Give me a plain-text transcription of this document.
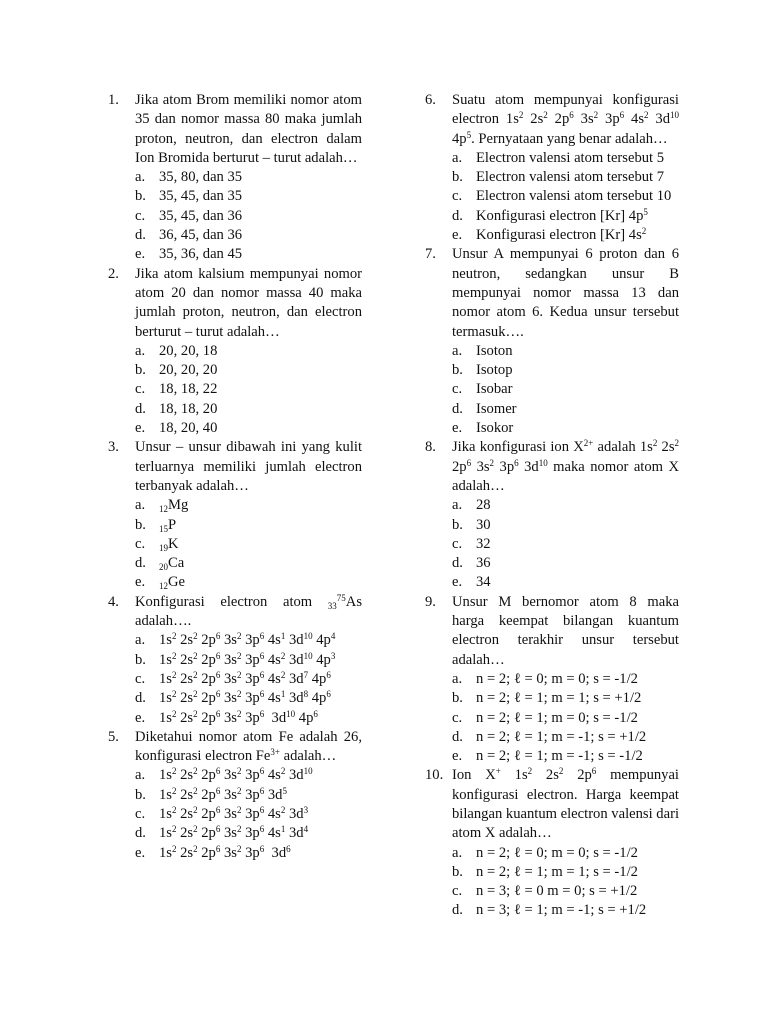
1.	Jika atom Brom memiliki nomor atom 35 dan nomor massa 80 maka jumlah proton, neutron, dan electron dalam Ion Bromida berturut – turut adalah…
a. 35, 80, dan 35
b. 35, 45, dan 35
c. 35, 45, dan 36
d. 36, 45, dan 36
e. 35, 36, dan 45
2.	Jika atom kalsium mempunyai nomor atom 20 dan nomor massa 40 maka jumlah proton, neutron, dan electron berturut – turut adalah…
a. 20, 20, 18
b. 20, 20, 20
c. 18, 18, 22
d. 18, 18, 20
e. 18, 20, 40
3.	Unsur – unsur dibawah ini yang kulit terluarnya memiliki jumlah electron terbanyak adalah…
a.	$_{12}$Mg
b.	$_{15}$P
c.	$_{19}$K
d.	$_{20}$Ca
e.	$_{12}$Ge
4.	Konfigurasi electron atom $_{33}^{75}$As adalah….
a. $1s^2$ $2s^2$ $2p^6$ $3s^2$ $3p^6$ $4s^1$ $3d^{10}$ $4p^4$
b. $1s^2$ $2s^2$ $2p^6$ $3s^2$ $3p^6$ $4s^2$ $3d^{10}$ $4p^3$
c. $1s^2$ $2s^2$ $2p^6$ $3s^2$ $3p^6$ $4s^2$ $3d^7$ $4p^6$
d. $1s^2$ $2s^2$ $2p^6$ $3s^2$ $3p^6$ $4s^1$ $3d^8$ $4p^6$
e. $1s^2$ $2s^2$ $2p^6$ $3s^2$ $3p^6$  $3d^{10}$ $4p^6$
5.	Diketahui nomor atom Fe adalah 26, konfigurasi electron $Fe^{3+}$ adalah…
a. $1s^2$ $2s^2$ $2p^6$ $3s^2$ $3p^6$ $4s^2$ $3d^{10}$
b. $1s^2$ $2s^2$ $2p^6$ $3s^2$ $3p^6$ $3d^5$
c. $1s^2$ $2s^2$ $2p^6$ $3s^2$ $3p^6$ $4s^2$ $3d^3$
d. $1s^2$ $2s^2$ $2p^6$ $3s^2$ $3p^6$ $4s^1$ $3d^4$
e. $1s^2$ $2s^2$ $2p^6$ $3s^2$ $3p^6$  $3d^6$
6.	Suatu atom mempunyai konfigurasi electron $1s^2$ $2s^2$ $2p^6$ $3s^2$ $3p^6$ $4s^2$ $3d^{10}$ $4p^5$. Pernyataan yang benar adalah…
a. Electron valensi atom tersebut 5
b. Electron valensi atom tersebut 7
c. Electron valensi atom tersebut 10
d. Konfigurasi electron [Kr] $4p^5$
e. Konfigurasi electron [Kr] $4s^2$
7.	Unsur A mempunyai 6 proton dan 6 neutron, sedangkan unsur B mempunyai nomor massa 13 dan nomor atom 6. Kedua unsur tersebut termasuk….
a. Isoton
b. Isotop
c. Isobar
d. Isomer
e. Isokor
8.	Jika konfigurasi ion $X^{2+}$ adalah $1s^2$ $2s^2$ $2p^6$ $3s^2$ $3p^6$ $3d^{10}$ maka nomor atom X adalah…
a. 28
b. 30
c. 32
d. 36
e. 34
9.	Unsur M bernomor atom 8 maka harga keempat bilangan kuantum electron terakhir unsur tersebut adalah…
a. n = 2; ℓ = 0; m = 0; s = -1/2
b. n = 2; ℓ = 1; m = 1; s = +1/2
c. n = 2; ℓ = 1; m = 0; s = -1/2
d. n = 2; ℓ = 1; m = -1; s = +1/2
e. n = 2; ℓ = 1; m = -1; s = -1/2
10. Ion X+ $1s^2$ $2s^2$ $2p^6$ mempunyai konfigurasi electron. Harga keempat bilangan kuantum electron valensi dari atom X adalah…
a. n = 2; ℓ = 0; m = 0; s = -1/2
b. n = 2; ℓ = 1; m = 1; s = -1/2
c. n = 3; ℓ = 0 m = 0; s = +1/2
d. n = 3; ℓ = 1; m = -1; s = +1/2
